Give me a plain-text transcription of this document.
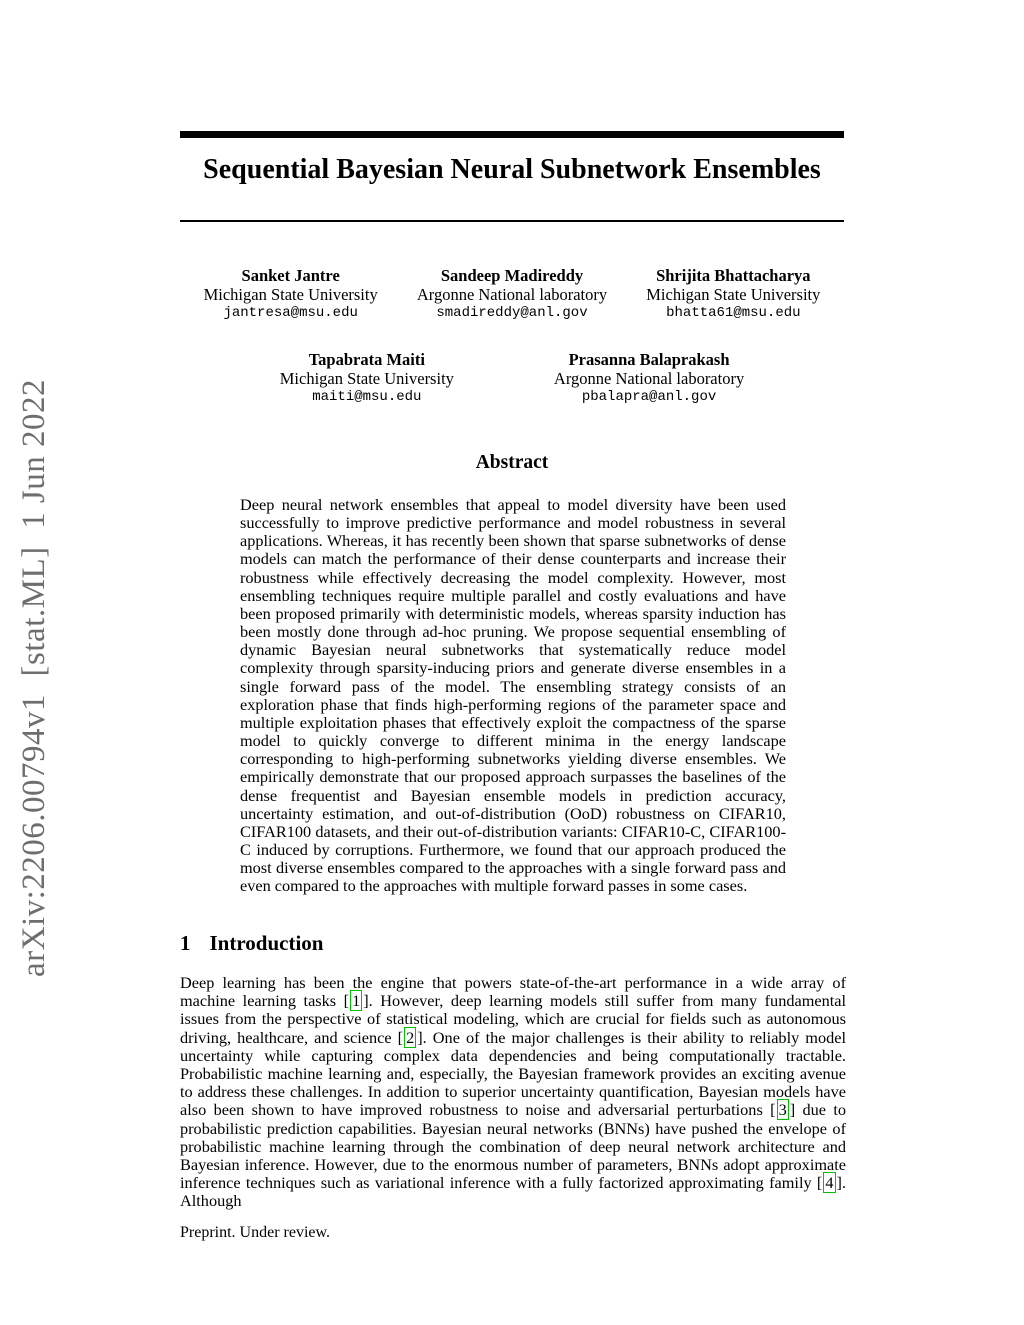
arXiv:2206.00794v1  [stat.ML]  1 Jun 2022
Sequential Bayesian Neural Subnetwork Ensembles
Sanket Jantre
Michigan State University
jantresa@msu.edu
Sandeep Madireddy
Argonne National laboratory
smadireddy@anl.gov
Shrijita Bhattacharya
Michigan State University
bhatta61@msu.edu
Tapabrata Maiti
Michigan State University
maiti@msu.edu
Prasanna Balaprakash
Argonne National laboratory
pbalapra@anl.gov
Abstract

Deep neural network ensembles that appeal to model diversity have been used successfully to improve predictive performance and model robustness in several applications. Whereas, it has recently been shown that sparse subnetworks of dense models can match the performance of their dense counterparts and increase their robustness while effectively decreasing the model complexity. However, most ensembling techniques require multiple parallel and costly evaluations and have been proposed primarily with deterministic models, whereas sparsity induction has been mostly done through ad-hoc pruning. We propose sequential ensembling of dynamic Bayesian neural subnetworks that systematically reduce model complexity through sparsity-inducing priors and generate diverse ensembles in a single forward pass of the model. The ensembling strategy consists of an exploration phase that finds high-performing regions of the parameter space and multiple exploitation phases that effectively exploit the compactness of the sparse model to quickly converge to different minima in the energy landscape corresponding to high-performing subnetworks yielding diverse ensembles. We empirically demonstrate that our proposed approach surpasses the baselines of the dense frequentist and Bayesian ensemble models in prediction accuracy, uncertainty estimation, and out-of-distribution (OoD) robustness on CIFAR10, CIFAR100 datasets, and their out-of-distribution variants: CIFAR10-C, CIFAR100-C induced by corruptions. Furthermore, we found that our approach produced the most diverse ensembles compared to the approaches with a single forward pass and even compared to the approaches with multiple forward passes in some cases.

1 Introduction

Deep learning has been the engine that powers state-of-the-art performance in a wide array of machine learning tasks [ 1 ]. However, deep learning models still suffer from many fundamental issues from the perspective of statistical modeling, which are crucial for fields such as autonomous driving, healthcare, and science [ 2 ]. One of the major challenges is their ability to reliably model uncertainty while capturing complex data dependencies and being computationally tractable. Probabilistic machine learning and, especially, the Bayesian framework provides an exciting avenue to address these challenges. In addition to superior uncertainty quantification, Bayesian models have also been shown to have improved robustness to noise and adversarial perturbations [ 3 ] due to probabilistic prediction capabilities. Bayesian neural networks (BNNs) have pushed the envelope of probabilistic machine learning through the combination of deep neural network architecture and Bayesian inference. However, due to the enormous number of parameters, BNNs adopt approximate inference techniques such as variational inference with a fully factorized approximating family [ 4 ]. Although

Preprint. Under review.
